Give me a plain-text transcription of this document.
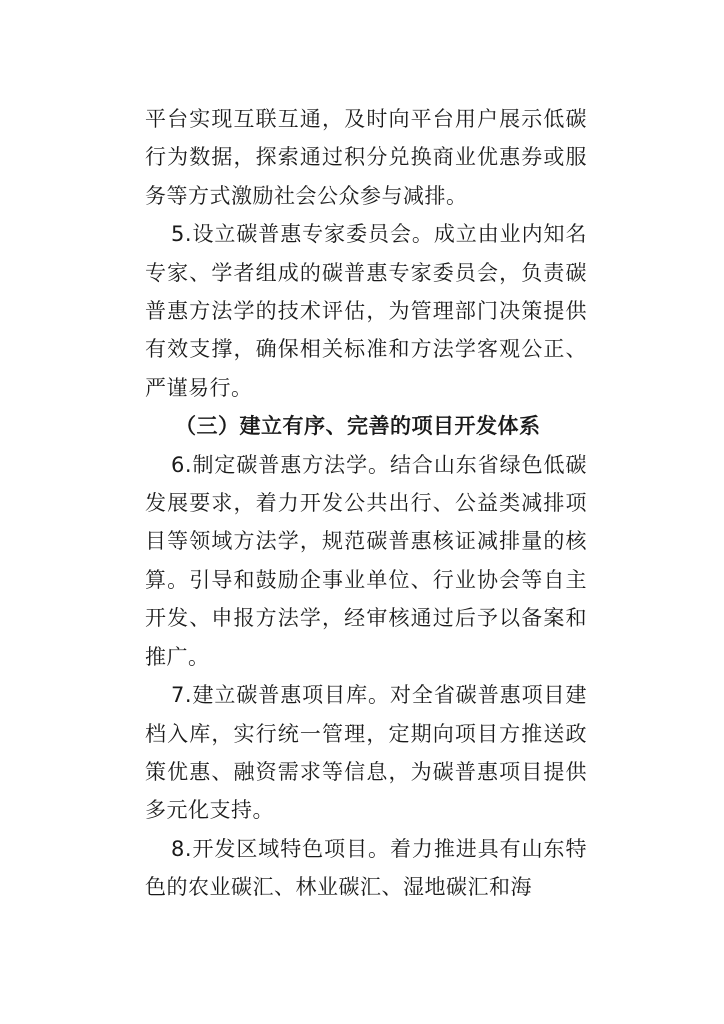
平台实现互联互通，及时向平台用户展示低碳行为数据，探索通过积分兑换商业优惠券或服务等方式激励社会公众参与减排。

5.设立碳普惠专家委员会。成立由业内知名专家、学者组成的碳普惠专家委员会，负责碳普惠方法学的技术评估，为管理部门决策提供有效支撑，确保相关标准和方法学客观公正、严谨易行。

（三）建立有序、完善的项目开发体系

6.制定碳普惠方法学。结合山东省绿色低碳发展要求，着力开发公共出行、公益类减排项目等领域方法学，规范碳普惠核证减排量的核算。引导和鼓励企事业单位、行业协会等自主开发、申报方法学，经审核通过后予以备案和推广。

7.建立碳普惠项目库。对全省碳普惠项目建档入库，实行统一管理，定期向项目方推送政策优惠、融资需求等信息，为碳普惠项目提供多元化支持。

8.开发区域特色项目。着力推进具有山东特色的农业碳汇、林业碳汇、湿地碳汇和海
